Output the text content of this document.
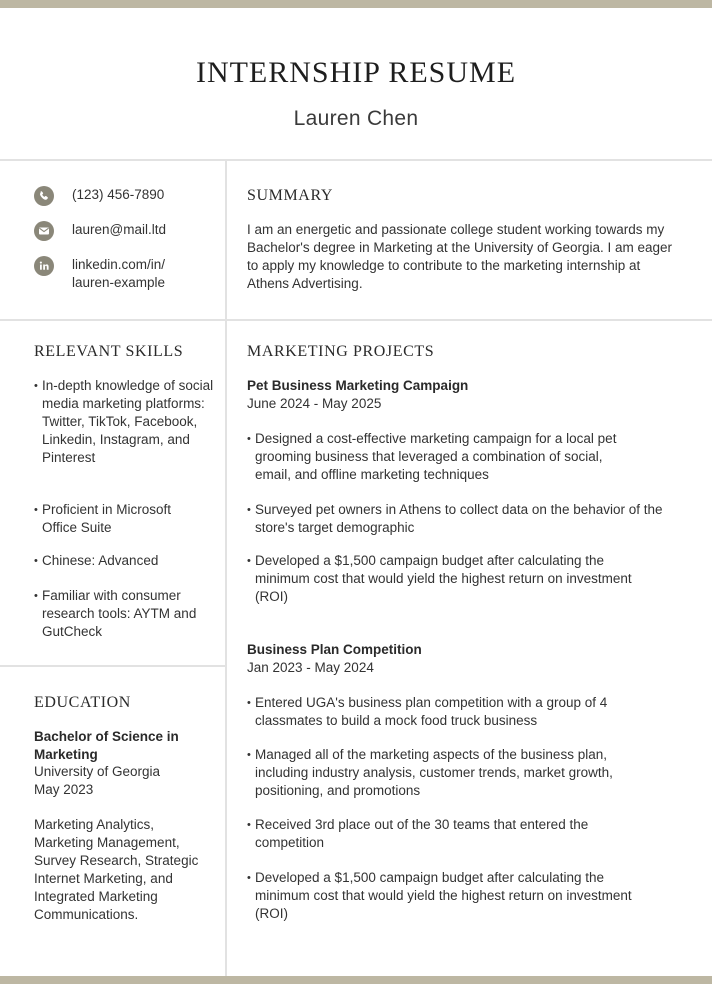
INTERNSHIP RESUME
Lauren Chen
(123) 456-7890
lauren@mail.ltd
linkedin.com/in/
lauren-example
SUMMARY
I am an energetic and passionate college student working towards my Bachelor's degree in Marketing at the University of Georgia. I am eager to apply my knowledge to contribute to the marketing internship at Athens Advertising.
RELEVANT SKILLS
• In-depth knowledge of social media marketing platforms: Twitter, TikTok, Facebook, Linkedin, Instagram, and Pinterest
• Proficient in Microsoft Office Suite
• Chinese: Advanced
• Familiar with consumer research tools: AYTM and GutCheck
EDUCATION
Bachelor of Science in Marketing
University of Georgia
May 2023
Marketing Analytics, Marketing Management, Survey Research, Strategic Internet Marketing, and Integrated Marketing Communications.
MARKETING PROJECTS
Pet Business Marketing Campaign
June 2024 - May 2025
• Designed a cost-effective marketing campaign for a local pet grooming business that leveraged a combination of social, email, and offline marketing techniques
• Surveyed pet owners in Athens to collect data on the behavior of the store's target demographic
• Developed a $1,500 campaign budget after calculating the minimum cost that would yield the highest return on investment (ROI)
Business Plan Competition
Jan 2023 - May 2024
• Entered UGA's business plan competition with a group of 4 classmates to build a mock food truck business
• Managed all of the marketing aspects of the business plan, including industry analysis, customer trends, market growth, positioning, and promotions
• Received 3rd place out of the 30 teams that entered the competition
• Developed a $1,500 campaign budget after calculating the minimum cost that would yield the highest return on investment (ROI)
